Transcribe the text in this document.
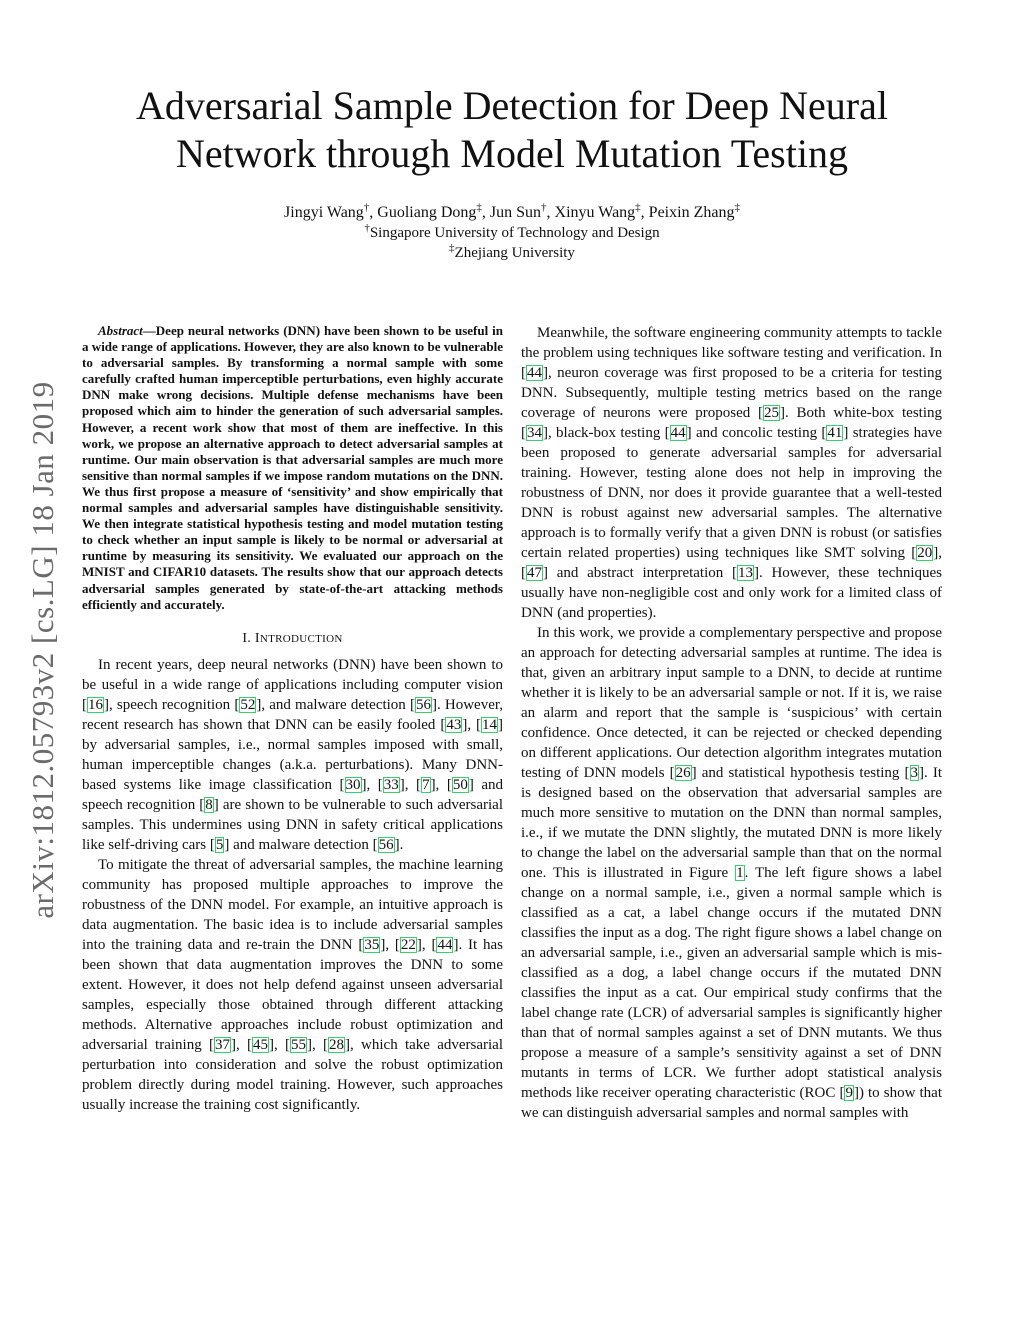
arXiv:1812.05793v2 [cs.LG] 18 Jan 2019
Adversarial Sample Detection for Deep Neural
Network through Model Mutation Testing
Jingyi Wang†, Guoliang Dong‡, Jun Sun†, Xinyu Wang‡, Peixin Zhang‡
†Singapore University of Technology and Design
‡Zhejiang University

Abstract—Deep neural networks (DNN) have been shown to be useful in a wide range of applications. However, they are also known to be vulnerable to adversarial samples. By transforming a normal sample with some carefully crafted human imperceptible perturbations, even highly accurate DNN make wrong decisions. Multiple defense mechanisms have been proposed which aim to hinder the generation of such adversarial samples. However, a recent work show that most of them are ineffective. In this work, we propose an alternative approach to detect adversarial samples at runtime. Our main observation is that adversarial samples are much more sensitive than normal samples if we impose random mutations on the DNN. We thus first propose a measure of ‘sensitivity’ and show empirically that normal samples and adversarial samples have distinguishable sensitivity. We then integrate statistical hypothesis testing and model mutation testing to check whether an input sample is likely to be normal or adversarial at runtime by measuring its sensitivity. We evaluated our approach on the MNIST and CIFAR10 datasets. The results show that our approach detects adversarial samples generated by state-of-the-art attacking methods efficiently and accurately.

I. INTRODUCTION

In recent years, deep neural networks (DNN) have been shown to be useful in a wide range of applications including computer vision [16], speech recognition [52], and malware detection [56]. However, recent research has shown that DNN can be easily fooled [43], [14] by adversarial samples, i.e., normal samples imposed with small, human imperceptible changes (a.k.a. perturbations). Many DNN-based systems like image classification [30], [33], [7], [50] and speech recognition [8] are shown to be vulnerable to such adversarial samples. This undermines using DNN in safety critical applications like self-driving cars [5] and malware detection [56].

To mitigate the threat of adversarial samples, the machine learning community has proposed multiple approaches to improve the robustness of the DNN model. For example, an intuitive approach is data augmentation. The basic idea is to include adversarial samples into the training data and re-train the DNN [35], [22], [44]. It has been shown that data augmentation improves the DNN to some extent. However, it does not help defend against unseen adversarial samples, especially those obtained through different attacking methods. Alternative approaches include robust optimization and adversarial training [37], [45], [55], [28], which take adversarial perturbation into consideration and solve the robust optimization problem directly during model training. However, such approaches usually increase the training cost significantly.

Meanwhile, the software engineering community attempts to tackle the problem using techniques like software testing and verification. In [44], neuron coverage was first proposed to be a criteria for testing DNN. Subsequently, multiple testing metrics based on the range coverage of neurons were proposed [25]. Both white-box testing [34], black-box testing [44] and concolic testing [41] strategies have been proposed to generate adversarial samples for adversarial training. However, testing alone does not help in improving the robustness of DNN, nor does it provide guarantee that a well-tested DNN is robust against new adversarial samples. The alternative approach is to formally verify that a given DNN is robust (or satisfies certain related properties) using techniques like SMT solving [20], [47] and abstract interpretation [13]. However, these techniques usually have non-negligible cost and only work for a limited class of DNN (and properties).

In this work, we provide a complementary perspective and propose an approach for detecting adversarial samples at runtime. The idea is that, given an arbitrary input sample to a DNN, to decide at runtime whether it is likely to be an adversarial sample or not. If it is, we raise an alarm and report that the sample is ‘suspicious’ with certain confidence. Once detected, it can be rejected or checked depending on different applications. Our detection algorithm integrates mutation testing of DNN models [26] and statistical hypothesis testing [3]. It is designed based on the observation that adversarial samples are much more sensitive to mutation on the DNN than normal samples, i.e., if we mutate the DNN slightly, the mutated DNN is more likely to change the label on the adversarial sample than that on the normal one. This is illustrated in Figure 1. The left figure shows a label change on a normal sample, i.e., given a normal sample which is classified as a cat, a label change occurs if the mutated DNN classifies the input as a dog. The right figure shows a label change on an adversarial sample, i.e., given an adversarial sample which is mis-classified as a dog, a label change occurs if the mutated DNN classifies the input as a cat. Our empirical study confirms that the label change rate (LCR) of adversarial samples is significantly higher than that of normal samples against a set of DNN mutants. We thus propose a measure of a sample’s sensitivity against a set of DNN mutants in terms of LCR. We further adopt statistical analysis methods like receiver operating characteristic (ROC [9]) to show that we can distinguish adversarial samples and normal samples with
